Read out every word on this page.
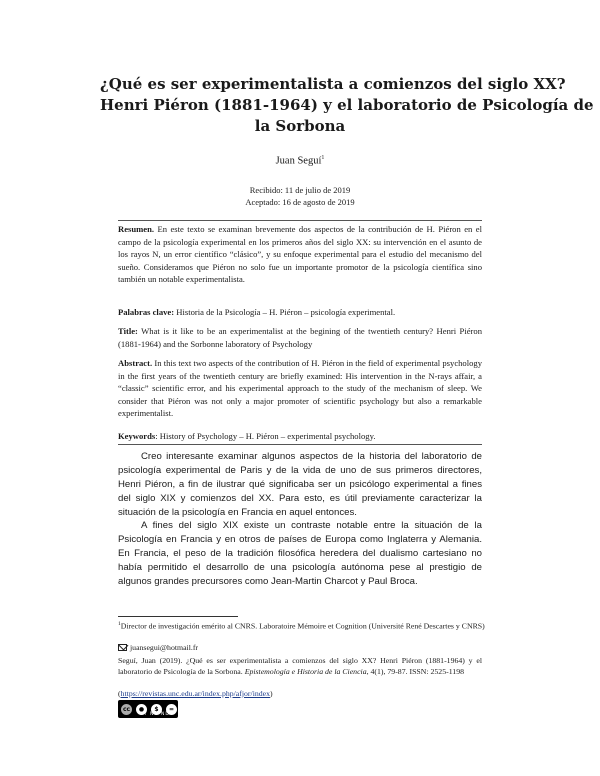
¿Qué es ser experimentalista a comienzos del siglo XX?
Henri Piéron (1881-1964) y el laboratorio de Psicología de
la Sorbona
Juan Seguí$^1$
Recibido: 11 de julio de 2019
Aceptado: 16 de agosto de 2019
Resumen. En este texto se examinan brevemente dos aspectos de la contribución de H. Piéron en el campo de la psicología experimental en los primeros años del siglo XX: su intervención en el asunto de los rayos N, un error científico “clásico”, y su enfoque experimental para el estudio del mecanismo del sueño. Consideramos que Piéron no solo fue un importante promotor de la psicología científica sino también un notable experimentalista.
Palabras clave: Historia de la Psicología – H. Piéron – psicología experimental.
Title: What is it like to be an experimentalist at the begining of the twentieth century? Henri Piéron (1881-1964) and the Sorbonne laboratory of Psychology
Abstract. In this text two aspects of the contribution of H. Piéron in the field of experimental psychology in the first years of the twentieth century are briefly examined: His intervention in the N-rays affair, a “classic” scientific error, and his experimental approach to the study of the mechanism of sleep. We consider that Piéron was not only a major promoter of scientific psychology but also a remarkable experimentalist.
Keywords: History of Psychology – H. Piéron – experimental psychology.
Creo interesante examinar algunos aspectos de la historia del laboratorio de psicología experimental de Paris y de la vida de uno de sus primeros directores, Henri Piéron, a fin de ilustrar qué significaba ser un psicólogo experimental a fines del siglo XIX y comienzos del XX. Para esto, es útil previamente caracterizar la situación de la psicología en Francia en aquel entonces.
A fines del siglo XIX existe un contraste notable entre la situación de la Psicología en Francia y en otros de países de Europa como Inglaterra y Alemania. En Francia, el peso de la tradición filosófica heredera del dualismo cartesiano no había permitido el desarrollo de una psicología autónoma pese al prestigio de algunos grandes precursores como Jean-Martin Charcot y Paul Broca.
$^1$Director de investigación emérito al CNRS. Laboratoire Mémoire et Cognition (Université René Descartes y CNRS)
juansegui@hotmail.fr
Seguí, Juan (2019). ¿Qué es ser experimentalista a comienzos del siglo XX? Henri Piéron (1881-1964) y el laboratorio de Psicología de la Sorbona. Epistemología e Historia de la Ciencia, 4(1), 79-87. ISSN: 2525-1198
(https://revistas.unc.edu.ar/index.php/afjor/index)
cc	●	$	=
BY NC ND
